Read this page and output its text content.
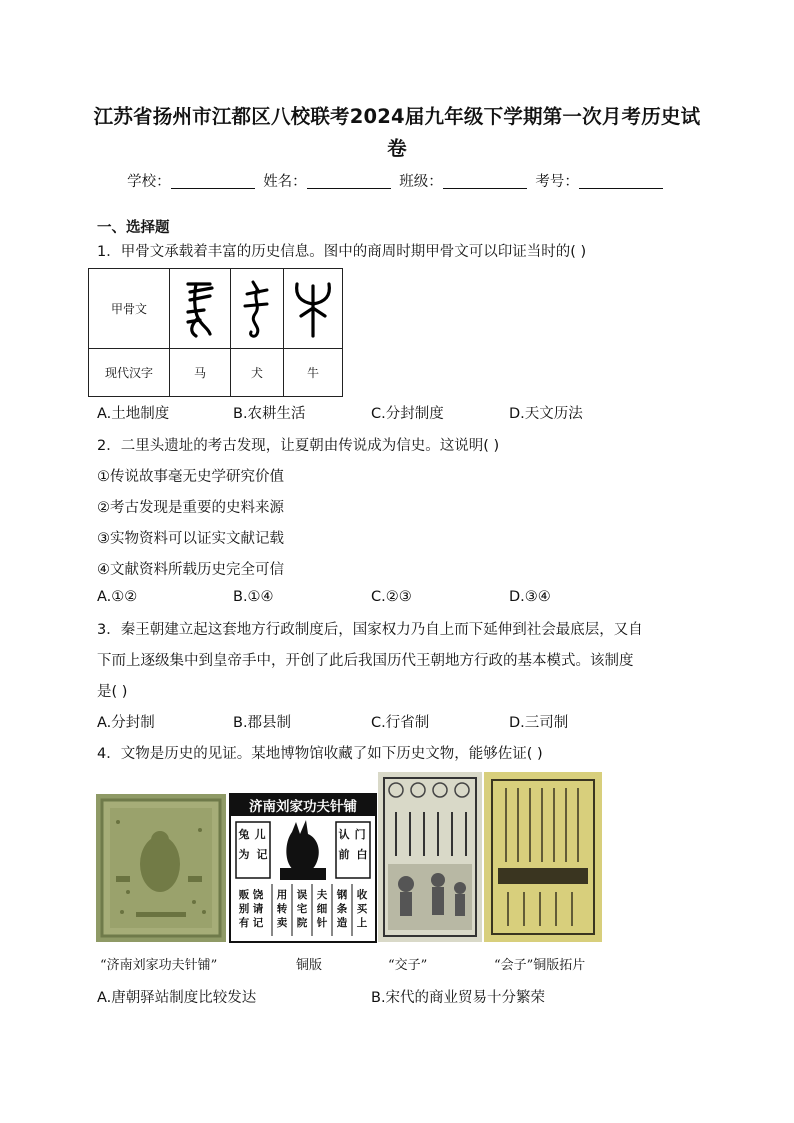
江苏省扬州市江都区八校联考2024届九年级下学期第一次月考历史试
卷
学校：	姓名：	班级：	考号：
一、选择题
1．甲骨文承载着丰富的历史信息。图中的商周时期甲骨文可以印证当时的( )
甲骨文	

现代汉字	马	犬	牛
A.土地制度	B.农耕生活	C.分封制度	D.天文历法
2．二里头遗址的考古发现，让夏朝由传说成为信史。这说明( )
①传说故事毫无史学研究价值
②考古发现是重要的史料来源
③实物资料可以证实文献记载
④文献资料所载历史完全可信
A.①②	B.①④	C.②③	D.③④
3．秦王朝建立起这套地方行政制度后，国家权力乃自上而下延伸到社会最底层，又自
下而上逐级集中到皇帝手中，开创了此后我国历代王朝地方行政的基本模式。该制度
是( )
A.分封制	B.郡县制	C.行省制	D.三司制
4．文物是历史的见证。某地博物馆收藏了如下历史文物，能够佐证( )
济南刘家功夫针铺
兔 儿 为 记
认 门 前 白
贩
别
有
饶
请
记
用
转
卖
误
宅
院
夫
细
针
钢
条
造
收
买
上
“济南刘家功夫针铺”	铜版	“交子”	“会子”铜版拓片
A.唐朝驿站制度比较发达	B.宋代的商业贸易十分繁荣
